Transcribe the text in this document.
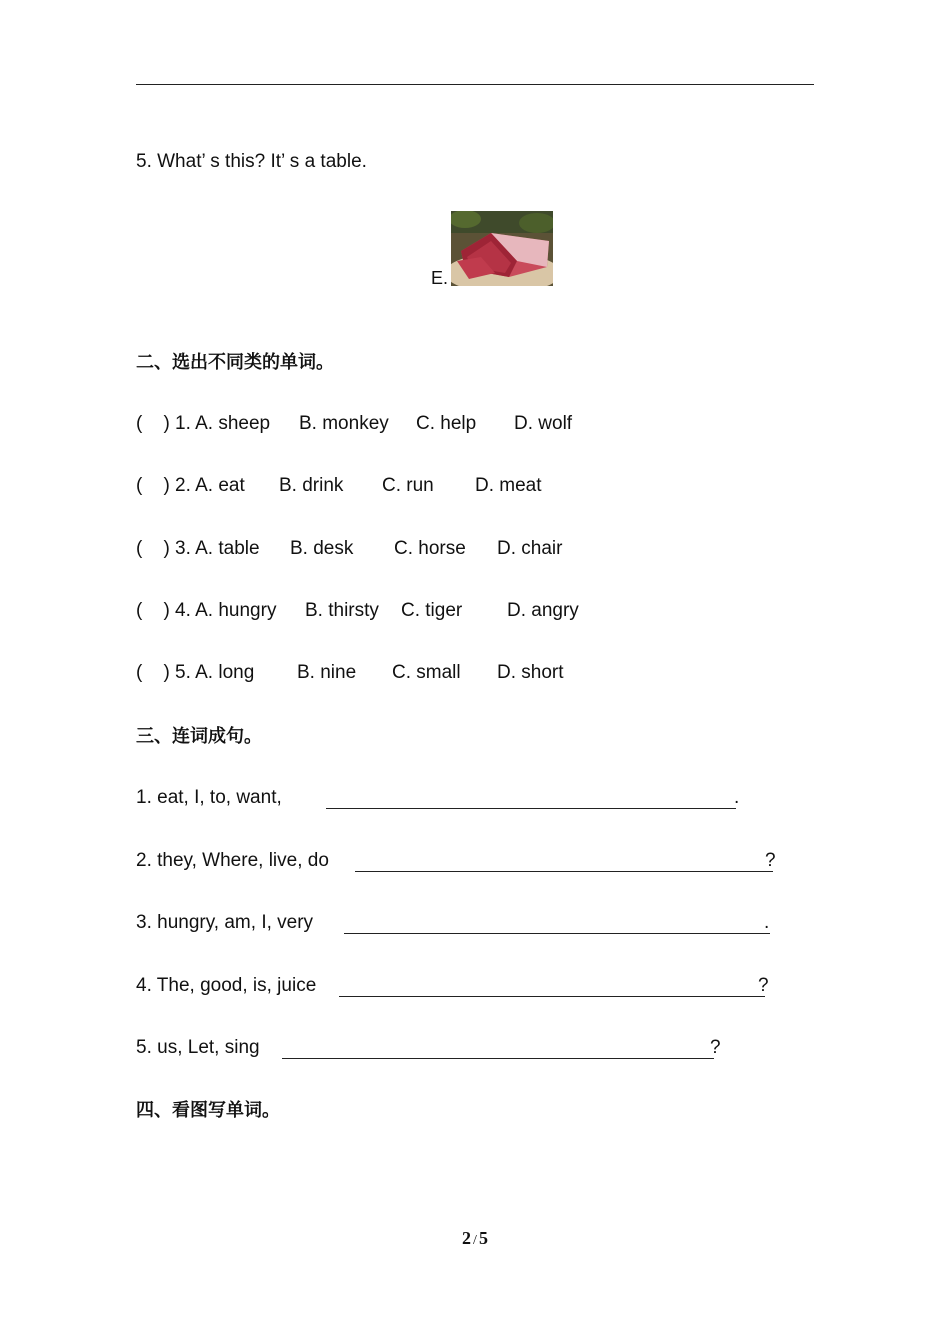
5. What’ s this? It’ s a table.
E.
二、选出不同类的单词。

(    ) 1. A. sheep

B. monkey

C. help

D. wolf

(    ) 2. A. eat

B. drink

C. run

D. meat

(    ) 3. A. table

B. desk

C. horse

D. chair

(    ) 4. A. hungry

B. thirsty

C. tiger

D. angry

(    ) 5. A. long

B. nine

C. small

D. short

三、连词成句。

1. eat, I, to, want,

	.

2. they, Where, live, do

	?

3. hungry, am, I, very

	.

4. The, good, is, juice

	?

5. us, Let, sing

	?

四、看图写单词。
2 / 5
